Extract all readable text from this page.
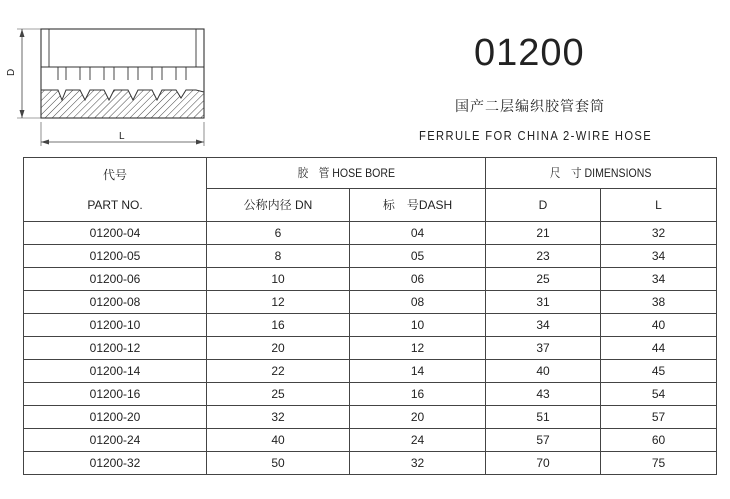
D
L
01200
国产二层编织胶管套筒
FERRULE FOR CHINA 2-WIRE HOSE
代号
PART NO.	胶　管 HOSE BORE		尺　寸 DIMENSIONS	
	公称内径 DN	标　号DASH	D	L
01200-04	6	04	21	32
01200-05	8	05	23	34
01200-06	10	06	25	34
01200-08	12	08	31	38
01200-10	16	10	34	40
01200-12	20	12	37	44
01200-14	22	14	40	45
01200-16	25	16	43	54
01200-20	32	20	51	57
01200-24	40	24	57	60
01200-32	50	32	70	75
